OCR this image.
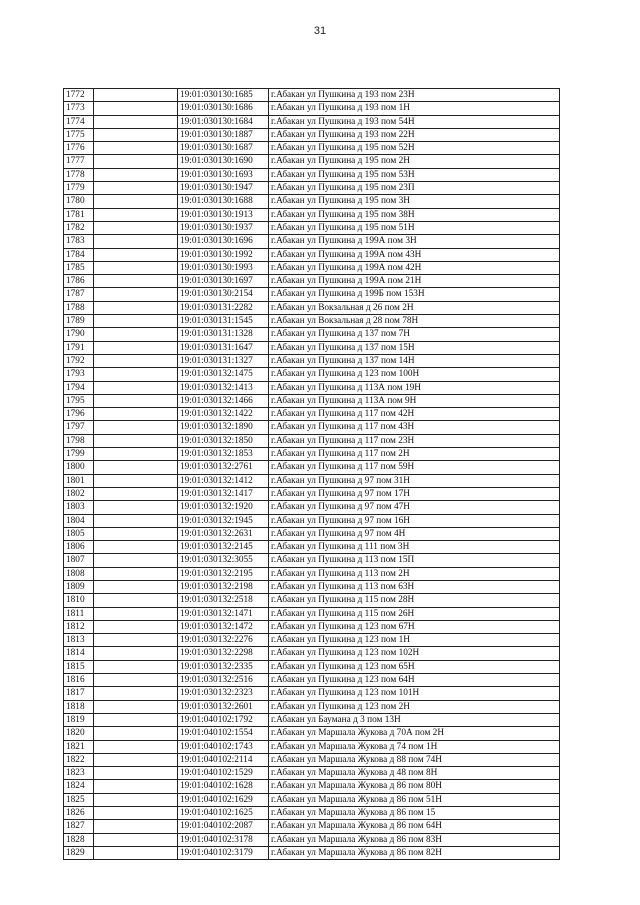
31
1772		19:01:030130:1685	г.Абакан ул Пушкина д 193 пом 23Н
1773		19:01:030130:1686	г.Абакан ул Пушкина д 193 пом 1Н
1774		19:01:030130:1684	г.Абакан ул Пушкина д 193 пом 54Н
1775		19:01:030130:1887	г.Абакан ул Пушкина д 193 пом 22Н
1776		19:01:030130:1687	г.Абакан ул Пушкина д 195 пом 52Н
1777		19:01:030130:1690	г.Абакан ул Пушкина д 195 пом 2Н
1778		19:01:030130:1693	г.Абакан ул Пушкина д 195 пом 53Н
1779		19:01:030130:1947	г.Абакан ул Пушкина д 195 пом 23П
1780		19:01:030130:1688	г.Абакан ул Пушкина д 195 пом 3Н
1781		19:01:030130:1913	г.Абакан ул Пушкина д 195 пом 38Н
1782		19:01:030130:1937	г.Абакан ул Пушкина д 195 пом 51Н
1783		19:01:030130:1696	г.Абакан ул Пушкина д 199А пом 3Н
1784		19:01:030130:1992	г.Абакан ул Пушкина д 199А пом 43Н
1785		19:01:030130:1993	г.Абакан ул Пушкина д 199А пом 42Н
1786		19:01:030130:1697	г.Абакан ул Пушкина д 199А пом 21Н
1787		19:01:030130:2154	г.Абакан ул Пушкина д 199Б пом 153Н
1788		19:01:030131:2282	г.Абакан ул Вокзальная д 26 пом 2Н
1789		19:01:030131:1545	г.Абакан ул Вокзальная д 28 пом 78Н
1790		19:01:030131:1328	г.Абакан ул Пушкина д 137 пом 7Н
1791		19:01:030131:1647	г.Абакан ул Пушкина д 137 пом 15Н
1792		19:01:030131:1327	г.Абакан ул Пушкина д 137 пом 14Н
1793		19:01:030132:1475	г.Абакан ул Пушкина д 123 пом 100Н
1794		19:01:030132:1413	г.Абакан ул Пушкина д 113А пом 19Н
1795		19:01:030132:1466	г.Абакан ул Пушкина д 113А пом 9Н
1796		19:01:030132:1422	г.Абакан ул Пушкина д 117 пом 42Н
1797		19:01:030132:1890	г.Абакан ул Пушкина д 117 пом 43Н
1798		19:01:030132:1850	г.Абакан ул Пушкина д 117 пом 23Н
1799		19:01:030132:1853	г.Абакан ул Пушкина д 117 пом 2Н
1800		19:01:030132:2761	г.Абакан ул Пушкина д 117 пом 59Н
1801		19:01:030132:1412	г.Абакан ул Пушкина д 97 пом 31Н
1802		19:01:030132:1417	г.Абакан ул Пушкина д 97 пом 17Н
1803		19:01:030132:1920	г.Абакан ул Пушкина д 97 пом 47Н
1804		19:01:030132:1945	г.Абакан ул Пушкина д 97 пом 16Н
1805		19:01:030132:2631	г.Абакан ул Пушкина д 97 пом 4Н
1806		19:01:030132:2145	г.Абакан ул Пушкина д 111 пом 3Н
1807		19:01:030132:3055	г.Абакан ул Пушкина д 113 пом 15П
1808		19:01:030132:2195	г.Абакан ул Пушкина д 113 пом 2Н
1809		19:01:030132:2198	г.Абакан ул Пушкина д 113 пом 63Н
1810		19:01:030132:2518	г.Абакан ул Пушкина д 115 пом 28Н
1811		19:01:030132:1471	г.Абакан ул Пушкина д 115 пом 26Н
1812		19:01:030132:1472	г.Абакан ул Пушкина д 123 пом 67Н
1813		19:01:030132:2276	г.Абакан ул Пушкина д 123 пом 1Н
1814		19:01:030132:2298	г.Абакан ул Пушкина д 123 пом 102Н
1815		19:01:030132:2335	г.Абакан ул Пушкина д 123 пом 65Н
1816		19:01:030132:2516	г.Абакан ул Пушкина д 123 пом 64Н
1817		19:01:030132:2323	г.Абакан ул Пушкина д 123 пом 101Н
1818		19:01:030132:2601	г.Абакан ул Пушкина д 123 пом 2Н
1819		19:01:040102:1792	г.Абакан ул Баумана д 3 пом 13Н
1820		19:01:040102:1554	г.Абакан ул Маршала Жукова д 70А пом 2Н
1821		19:01:040102:1743	г.Абакан ул Маршала Жукова д 74 пом 1Н
1822		19:01:040102:2114	г.Абакан ул Маршала Жукова д 88 пом 74Н
1823		19:01:040102:1529	г.Абакан ул Маршала Жукова д 48 пом 8Н
1824		19:01:040102:1628	г.Абакан ул Маршала Жукова д 86 пом 80Н
1825		19:01:040102:1629	г.Абакан ул Маршала Жукова д 86 пом 51Н
1826		19:01:040102:1625	г.Абакан ул Маршала Жукова д 86 пом 15
1827		19:01:040102:2087	г.Абакан ул Маршала Жукова д 86 пом 64Н
1828		19:01:040102:3178	г.Абакан ул Маршала Жукова д 86 пом 83Н
1829		19:01:040102:3179	г.Абакан ул Маршала Жукова д 86 пом 82Н
